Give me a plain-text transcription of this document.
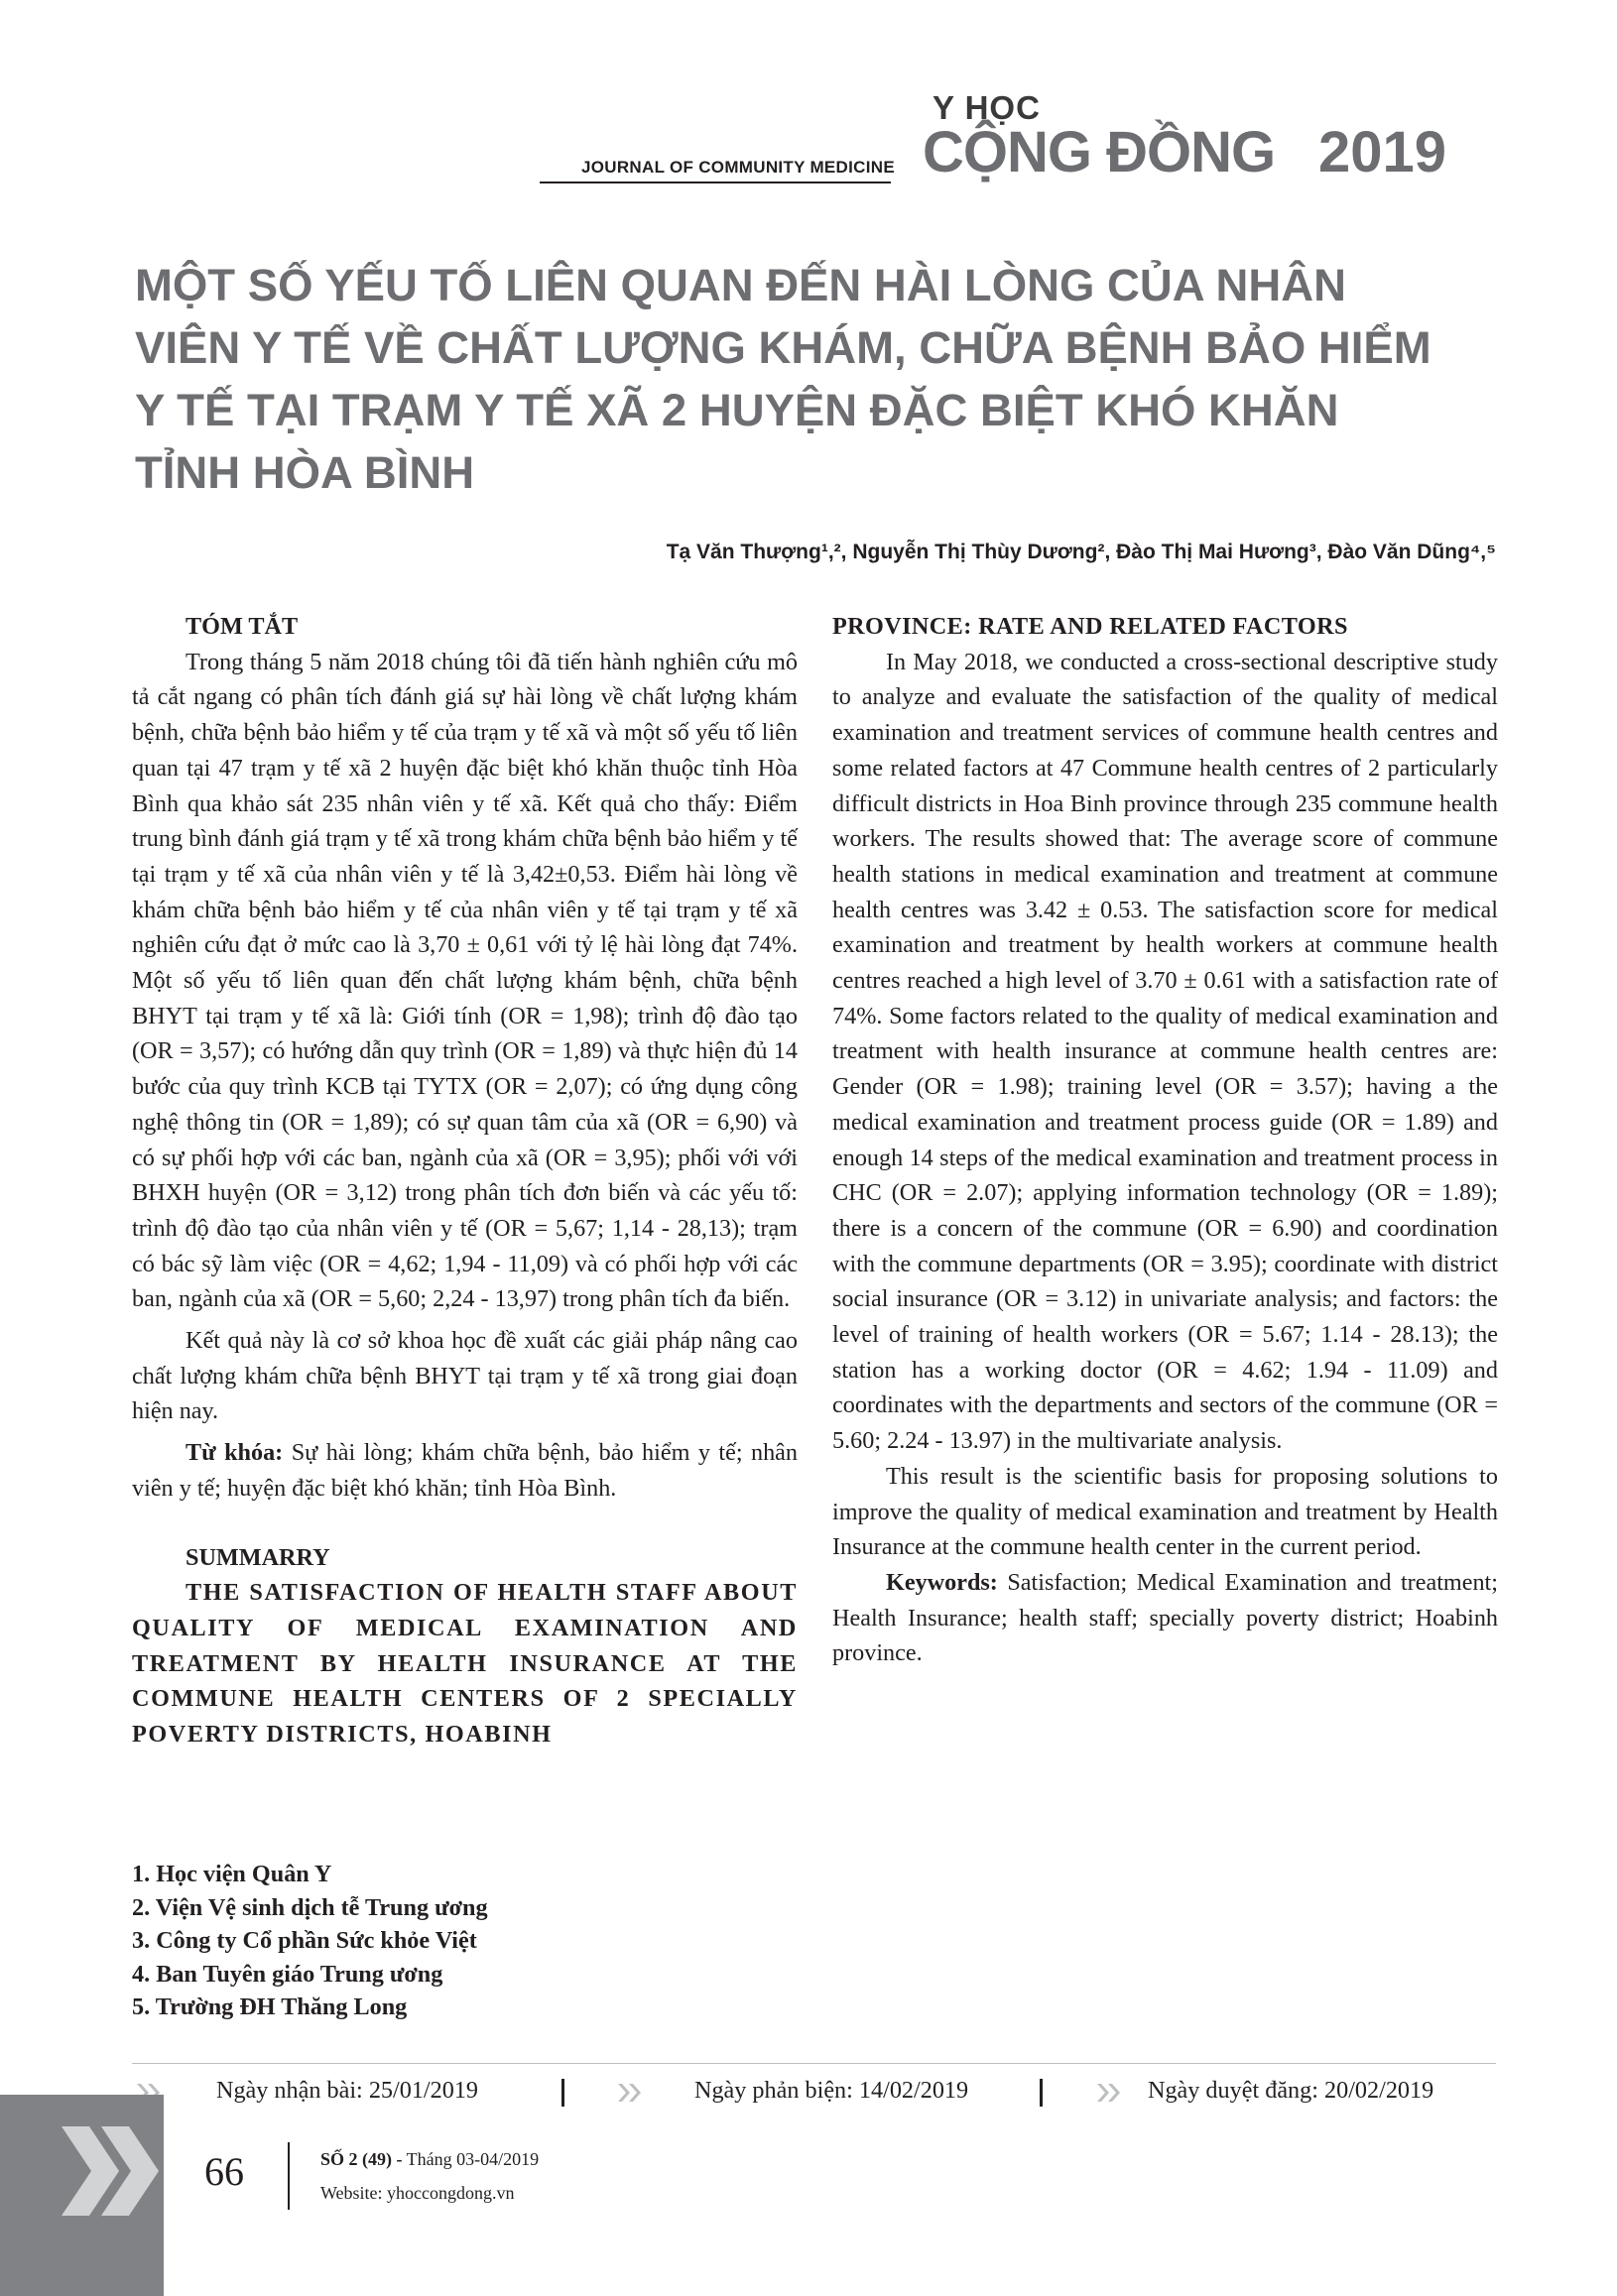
JOURNAL OF COMMUNITY MEDICINE
Y HỌC
CỘNG ĐỒNG 2019
MỘT SỐ YẾU TỐ LIÊN QUAN ĐẾN HÀI LÒNG CỦA NHÂN
VIÊN Y TẾ VỀ CHẤT LƯỢNG KHÁM, CHỮA BỆNH BẢO HIỂM
Y TẾ TẠI TRẠM Y TẾ XÃ 2 HUYỆN ĐẶC BIỆT KHÓ KHĂN
TỈNH HÒA BÌNH
Tạ Văn Thượng¹,², Nguyễn Thị Thùy Dương², Đào Thị Mai Hương³, Đào Văn Dũng⁴,⁵

TÓM TẮT

Trong tháng 5 năm 2018 chúng tôi đã tiến hành nghiên cứu mô tả cắt ngang có phân tích đánh giá sự hài lòng về chất lượng khám bệnh, chữa bệnh bảo hiểm y tế của trạm y tế xã và một số yếu tố liên quan tại 47 trạm y tế xã 2 huyện đặc biệt khó khăn thuộc tỉnh Hòa Bình qua khảo sát 235 nhân viên y tế xã. Kết quả cho thấy: Điểm trung bình đánh giá trạm y tế xã trong khám chữa bệnh bảo hiểm y tế tại trạm y tế xã của nhân viên y tế là 3,42±0,53. Điểm hài lòng về khám chữa bệnh bảo hiểm y tế của nhân viên y tế tại trạm y tế xã nghiên cứu đạt ở mức cao là 3,70 ± 0,61 với tỷ lệ hài lòng đạt 74%. Một số yếu tố liên quan đến chất lượng khám bệnh, chữa bệnh BHYT tại trạm y tế xã là: Giới tính (OR = 1,98); trình độ đào tạo (OR = 3,57); có hướng dẫn quy trình (OR = 1,89) và thực hiện đủ 14 bước của quy trình KCB tại TYTX (OR = 2,07); có ứng dụng công nghệ thông tin (OR = 1,89); có sự quan tâm của xã (OR = 6,90) và có sự phối hợp với các ban, ngành của xã (OR = 3,95); phối với với BHXH huyện (OR = 3,12) trong phân tích đơn biến và các yếu tố: trình độ đào tạo của nhân viên y tế (OR = 5,67; 1,14 - 28,13); trạm có bác sỹ làm việc (OR = 4,62; 1,94 - 11,09) và có phối hợp với các ban, ngành của xã (OR = 5,60; 2,24 - 13,97) trong phân tích đa biến.

Kết quả này là cơ sở khoa học đề xuất các giải pháp nâng cao chất lượng khám chữa bệnh BHYT tại trạm y tế xã trong giai đoạn hiện nay.

Từ khóa: Sự hài lòng; khám chữa bệnh, bảo hiểm y tế; nhân viên y tế; huyện đặc biệt khó khăn; tỉnh Hòa Bình.

SUMMARRY

THE SATISFACTION OF HEALTH STAFF ABOUT QUALITY OF MEDICAL EXAMINATION AND TREATMENT BY HEALTH INSURANCE AT THE COMMUNE HEALTH CENTERS OF 2 SPECIALLY POVERTY DISTRICTS, HOABINH

PROVINCE: RATE AND RELATED FACTORS

In May 2018, we conducted a cross-sectional descriptive study to analyze and evaluate the satisfaction of the quality of medical examination and treatment services of commune health centres and some related factors at 47 Commune health centres of 2 particularly difficult districts in Hoa Binh province through 235 commune health workers. The results showed that: The average score of commune health stations in medical examination and treatment at commune health centres was 3.42 ± 0.53. The satisfaction score for medical examination and treatment by health workers at commune health centres reached a high level of 3.70 ± 0.61 with a satisfaction rate of 74%. Some factors related to the quality of medical examination and treatment with health insurance at commune health centres are: Gender (OR = 1.98); training level (OR = 3.57); having a the medical examination and treatment process guide (OR = 1.89) and enough 14 steps of the medical examination and treatment process in CHC (OR = 2.07); applying information technology (OR = 1.89); there is a concern of the commune (OR = 6.90) and coordination with the commune departments (OR = 3.95); coordinate with district social insurance (OR = 3.12) in univariate analysis; and factors: the level of training of health workers (OR = 5.67; 1.14 - 28.13); the station has a working doctor (OR = 4.62; 1.94 - 11.09) and coordinates with the departments and sectors of the commune (OR = 5.60; 2.24 - 13.97) in the multivariate analysis.

This result is the scientific basis for proposing solutions to improve the quality of medical examination and treatment by Health Insurance at the commune health center in the current period.

Keywords: Satisfaction; Medical Examination and treatment; Health Insurance; health staff; specially poverty district; Hoabinh province.

1. Học viện Quân Y
2. Viện Vệ sinh dịch tễ Trung ương
3. Công ty Cổ phần Sức khỏe Việt
4. Ban Tuyên giáo Trung ương
5. Trường ĐH Thăng Long
Ngày nhận bài: 25/01/2019	Ngày phản biện: 14/02/2019	Ngày duyệt đăng: 20/02/2019
66	SỐ 2 (49) - Tháng 03-04/2019
Website: yhoccongdong.vn
